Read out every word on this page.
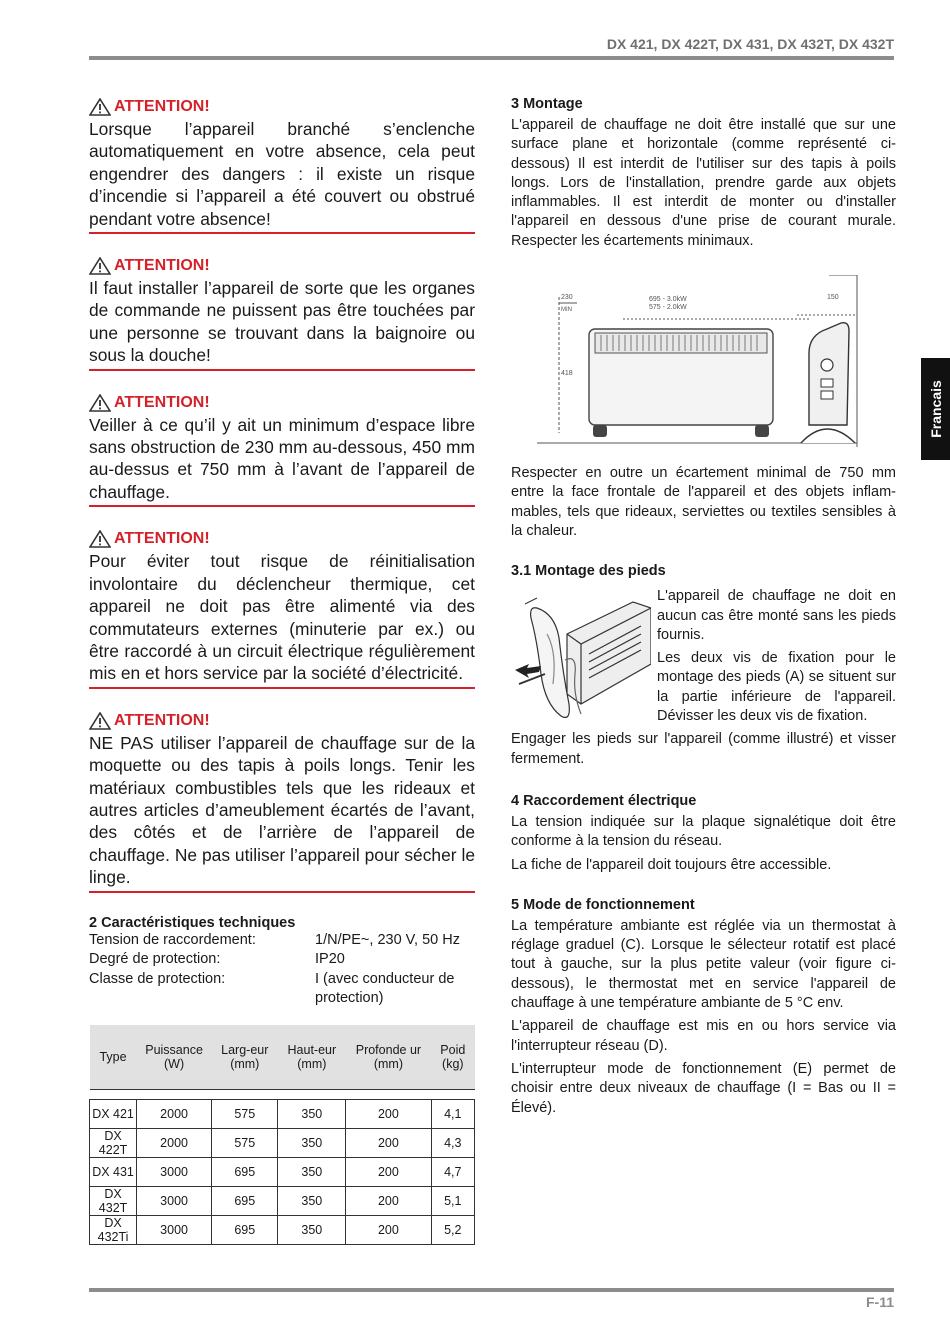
DX 421, DX 422T, DX 431, DX 432T, DX 432T
Francais
ATTENTION!
Lorsque l’appareil branché s’enclenche automatiquement en votre absence, cela peut engendrer des dangers : il existe un risque d’incendie si l’appareil a été couvert ou obstrué pendant votre absence!
ATTENTION!
Il faut installer l’appareil de sorte que les organes de commande ne puissent pas être touchées par une personne se trouvant dans la baignoire ou sous la douche!
ATTENTION!
Veiller à ce qu’il y ait un minimum d’espace libre sans obstruction de 230 mm au-dessous, 450 mm au-dessus et 750 mm à l’avant de l’appareil de chauffage.
ATTENTION!
Pour éviter tout risque de réinitialisation involontaire du déclencheur thermique, cet appareil ne doit pas être alimenté via des commutateurs externes (minuterie par ex.) ou être raccordé à un circuit électrique régulièrement mis en et hors service par la société d’électricité.
ATTENTION!
NE PAS utiliser l’appareil de chauffage sur de la moquette ou des tapis à poils longs. Tenir les matériaux combustibles tels que les rideaux et autres articles d’ameublement écartés de l’avant, des côtés et de l’arrière de l’appareil de chauffage. Ne pas utiliser l’appareil pour sécher le linge.
2 Caractéristiques techniques
Tension de raccordement:	1/N/PE~, 230 V, 50 Hz
Degré de protection:	IP20
Classe de protection:	I (avec conducteur de protection)
Type	Puissance (W)	Larg-eur (mm)	Haut-eur (mm)	Profonde ur (mm)	Poid (kg)

DX 421	2000	575	350	200	4,1
DX 422T	2000	575	350	200	4,3
DX 431	3000	695	350	200	4,7
DX 432T	3000	695	350	200	5,1
DX 432Ti	3000	695	350	200	5,2
3 Montage
L'appareil de chauffage ne doit être installé que sur une surface plane et horizontale (comme représenté ci-dessous) Il est interdit de l'utiliser sur des tapis à poils longs. Lors de l'installation, prendre garde aux objets inflammables. Il est interdit de monter ou d'installer l'appareil en dessous d'une prise de courant murale. Respecter les écartements minimaux.
230
MIN
695 - 3.0kW
575 - 2.0kW
150
418
Respecter en outre un écartement minimal de 750 mm entre la face frontale de l'appareil et des objets inflammables, tels que rideaux, serviettes ou textiles sensibles à la chaleur.
3.1 Montage des pieds
L'appareil de chauffage ne doit en aucun cas être monté sans les pieds fournis.
Les deux vis de fixation pour le montage des pieds (A) se situent sur la partie inférieure de l'appareil. Dévisser les deux vis de fixation.
Engager les pieds sur l'appareil (comme illustré) et visser fermement.
4 Raccordement électrique
La tension indiquée sur la plaque signalétique doit être conforme à la tension du réseau.
La fiche de l'appareil doit toujours être accessible.
5 Mode de fonctionnement
La température ambiante est réglée via un thermostat à réglage graduel (C). Lorsque le sélecteur rotatif est placé tout à gauche, sur la plus petite valeur (voir figure ci-dessous), le thermostat met en service l'appareil de chauffage à une température ambiante de 5 °C env.
L'appareil de chauffage est mis en ou hors service via l'interrupteur réseau (D).
L'interrupteur mode de fonctionnement (E) permet de choisir entre deux niveaux de chauffage (I = Bas ou II = Élevé).
F-11
